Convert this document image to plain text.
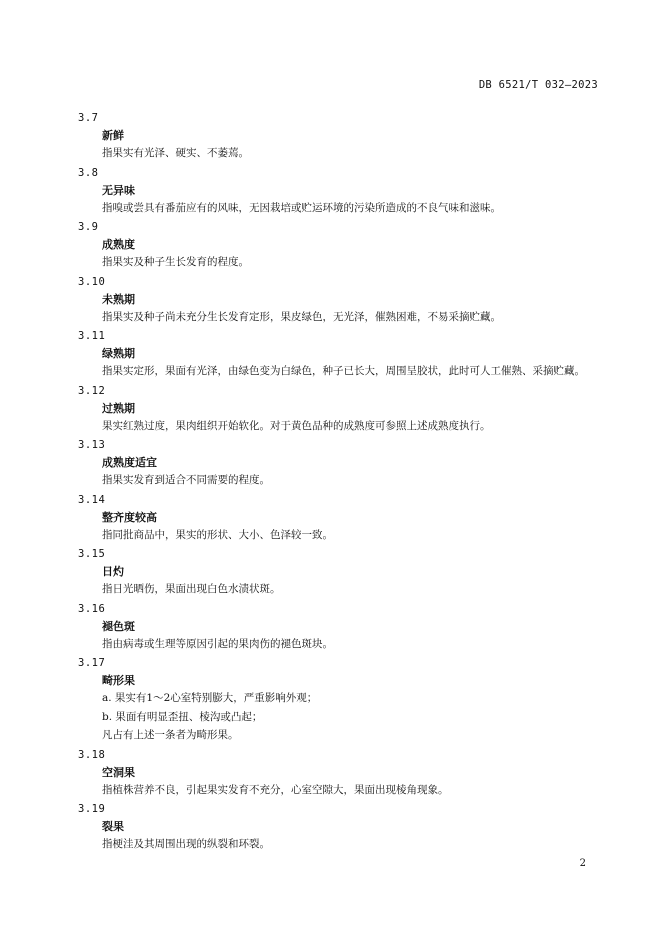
DB 6521/T 032—2023
3.7
新鲜

指果实有光泽、硬实、不萎蔫。

3.8
无异味

指嗅或尝具有番茄应有的风味，无因栽培或贮运环境的污染所造成的不良气味和滋味。

3.9
成熟度

指果实及种子生长发育的程度。

3.10
未熟期

指果实及种子尚未充分生长发育定形，果皮绿色，无光泽，催熟困难，不易采摘贮藏。

3.11
绿熟期

指果实定形，果面有光泽，由绿色变为白绿色，种子已长大，周围呈胶状，此时可人工催熟、采摘贮藏。

3.12
过熟期

果实红熟过度，果肉组织开始软化。对于黄色品种的成熟度可参照上述成熟度执行。

3.13
成熟度适宜

指果实发育到适合不同需要的程度。

3.14
整齐度较高

指同批商品中，果实的形状、大小、色泽较一致。

3.15
日灼

指日光晒伤，果面出现白色水渍状斑。

3.16
褪色斑

指由病毒或生理等原因引起的果肉伤的褪色斑块。

3.17
畸形果

a. 果实有1～2心室特别膨大，严重影响外观；

b. 果面有明显歪扭、棱沟或凸起；

凡占有上述一条者为畸形果。

3.18
空洞果

指植株营养不良，引起果实发育不充分，心室空隙大，果面出现棱角现象。

3.19
裂果

指梗洼及其周围出现的纵裂和环裂。

2
